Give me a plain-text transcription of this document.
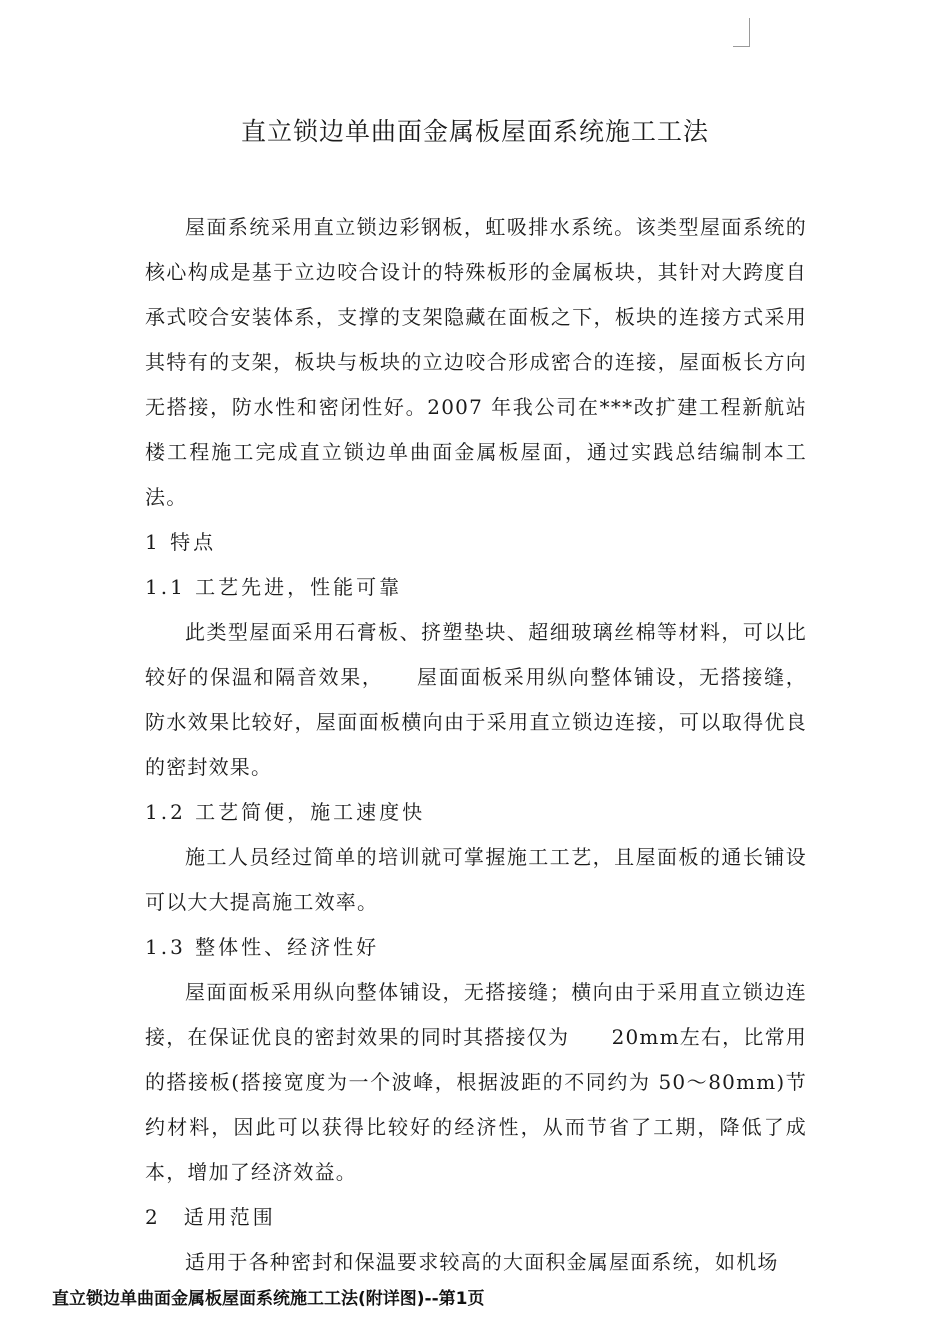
直立锁边单曲面金属板屋面系统施工工法

屋面系统采用直立锁边彩钢板，虹吸排水系统。该类型屋面系统的核心构成是基于立边咬合设计的特殊板形的金属板块，其针对大跨度自承式咬合安装体系，支撑的支架隐藏在面板之下，板块的连接方式采用其特有的支架，板块与板块的立边咬合形成密合的连接，屋面板长方向无搭接，防水性和密闭性好。2007 年我公司在***改扩建工程新航站楼工程施工完成直立锁边单曲面金属板屋面，通过实践总结编制本工法。

1 特点

1.1 工艺先进，性能可靠

此类型屋面采用石膏板、挤塑垫块、超细玻璃丝棉等材料，可以比较好的保温和隔音效果，　　屋面面板采用纵向整体铺设，无搭接缝，防水效果比较好，屋面面板横向由于采用直立锁边连接，可以取得优良的密封效果。

1.2 工艺简便，施工速度快

施工人员经过简单的培训就可掌握施工工艺，且屋面板的通长铺设可以大大提高施工效率。

1.3 整体性、经济性好

屋面面板采用纵向整体铺设，无搭接缝；横向由于采用直立锁边连接，在保证优良的密封效果的同时其搭接仅为　　20mm左右，比常用的搭接板(搭接宽度为一个波峰，根据波距的不同约为 50～80mm)节约材料，因此可以获得比较好的经济性，从而节省了工期，降低了成本，增加了经济效益。

2　适用范围

适用于各种密封和保温要求较高的大面积金属屋面系统，如机场

直立锁边单曲面金属板屋面系统施工工法(附详图)--第1页
